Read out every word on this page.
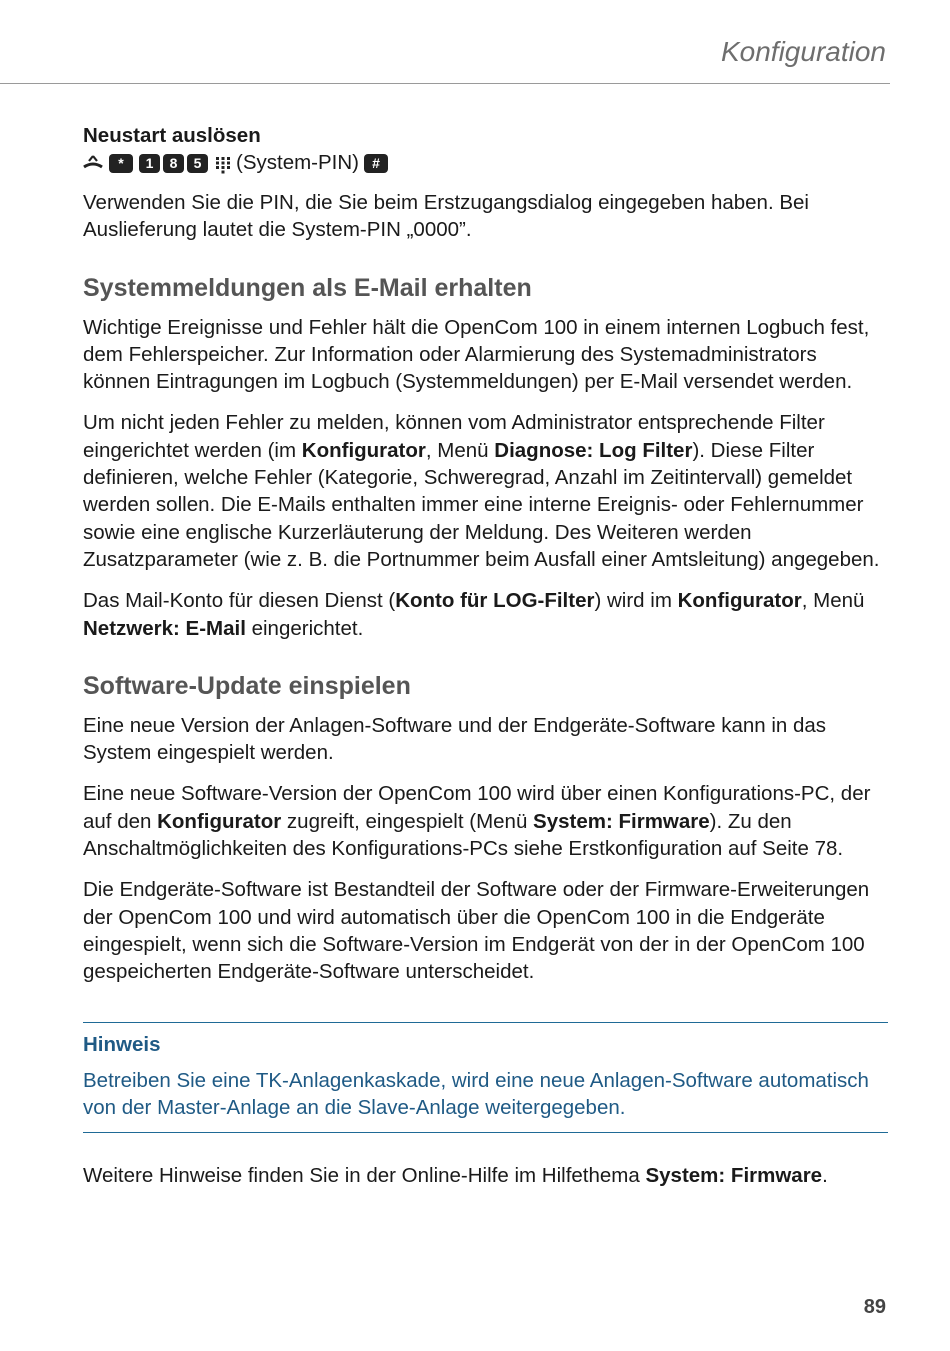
Konfiguration
Neustart auslösen
*	1	8	5	(System-PIN) #

Verwenden Sie die PIN, die Sie beim Erstzugangsdialog eingegeben haben. Bei Auslieferung lautet die System-PIN „0000”.

Systemmeldungen als E-Mail erhalten

Wichtige Ereignisse und Fehler hält die OpenCom 100 in einem internen Logbuch fest, dem Fehlerspeicher. Zur Information oder Alarmierung des Systemadministrators können Eintragungen im Logbuch (Systemmeldungen) per E-Mail versendet werden.

Um nicht jeden Fehler zu melden, können vom Administrator entsprechende Filter eingerichtet werden (im Konfigurator, Menü Diagnose: Log Filter). Diese Filter definieren, welche Fehler (Kategorie, Schweregrad, Anzahl im Zeitintervall) gemeldet werden sollen. Die E-Mails enthalten immer eine interne Ereignis- oder Fehlernummer sowie eine englische Kurzerläuterung der Meldung. Des Weiteren werden Zusatzparameter (wie z. B. die Portnummer beim Ausfall einer Amtsleitung) angegeben.

Das Mail-Konto für diesen Dienst (Konto für LOG-Filter) wird im Konfigurator, Menü Netzwerk: E-Mail eingerichtet.

Software-Update einspielen

Eine neue Version der Anlagen-Software und der Endgeräte-Software kann in das System eingespielt werden.

Eine neue Software-Version der OpenCom 100 wird über einen Konfigurations-PC, der auf den Konfigurator zugreift, eingespielt (Menü System: Firmware). Zu den Anschaltmöglichkeiten des Konfigurations-PCs siehe Erstkonfiguration auf Seite 78.

Die Endgeräte-Software ist Bestandteil der Software oder der Firmware-Erweiterungen der OpenCom 100 und wird automatisch über die OpenCom 100 in die Endgeräte eingespielt, wenn sich die Software-Version im Endgerät von der in der OpenCom 100 gespeicherten Endgeräte-Software unterscheidet.

Hinweis

Betreiben Sie eine TK-Anlagenkaskade, wird eine neue Anlagen-Software automatisch von der Master-Anlage an die Slave-Anlage weitergegeben.

Weitere Hinweise finden Sie in der Online-Hilfe im Hilfethema System: Firmware.

89
